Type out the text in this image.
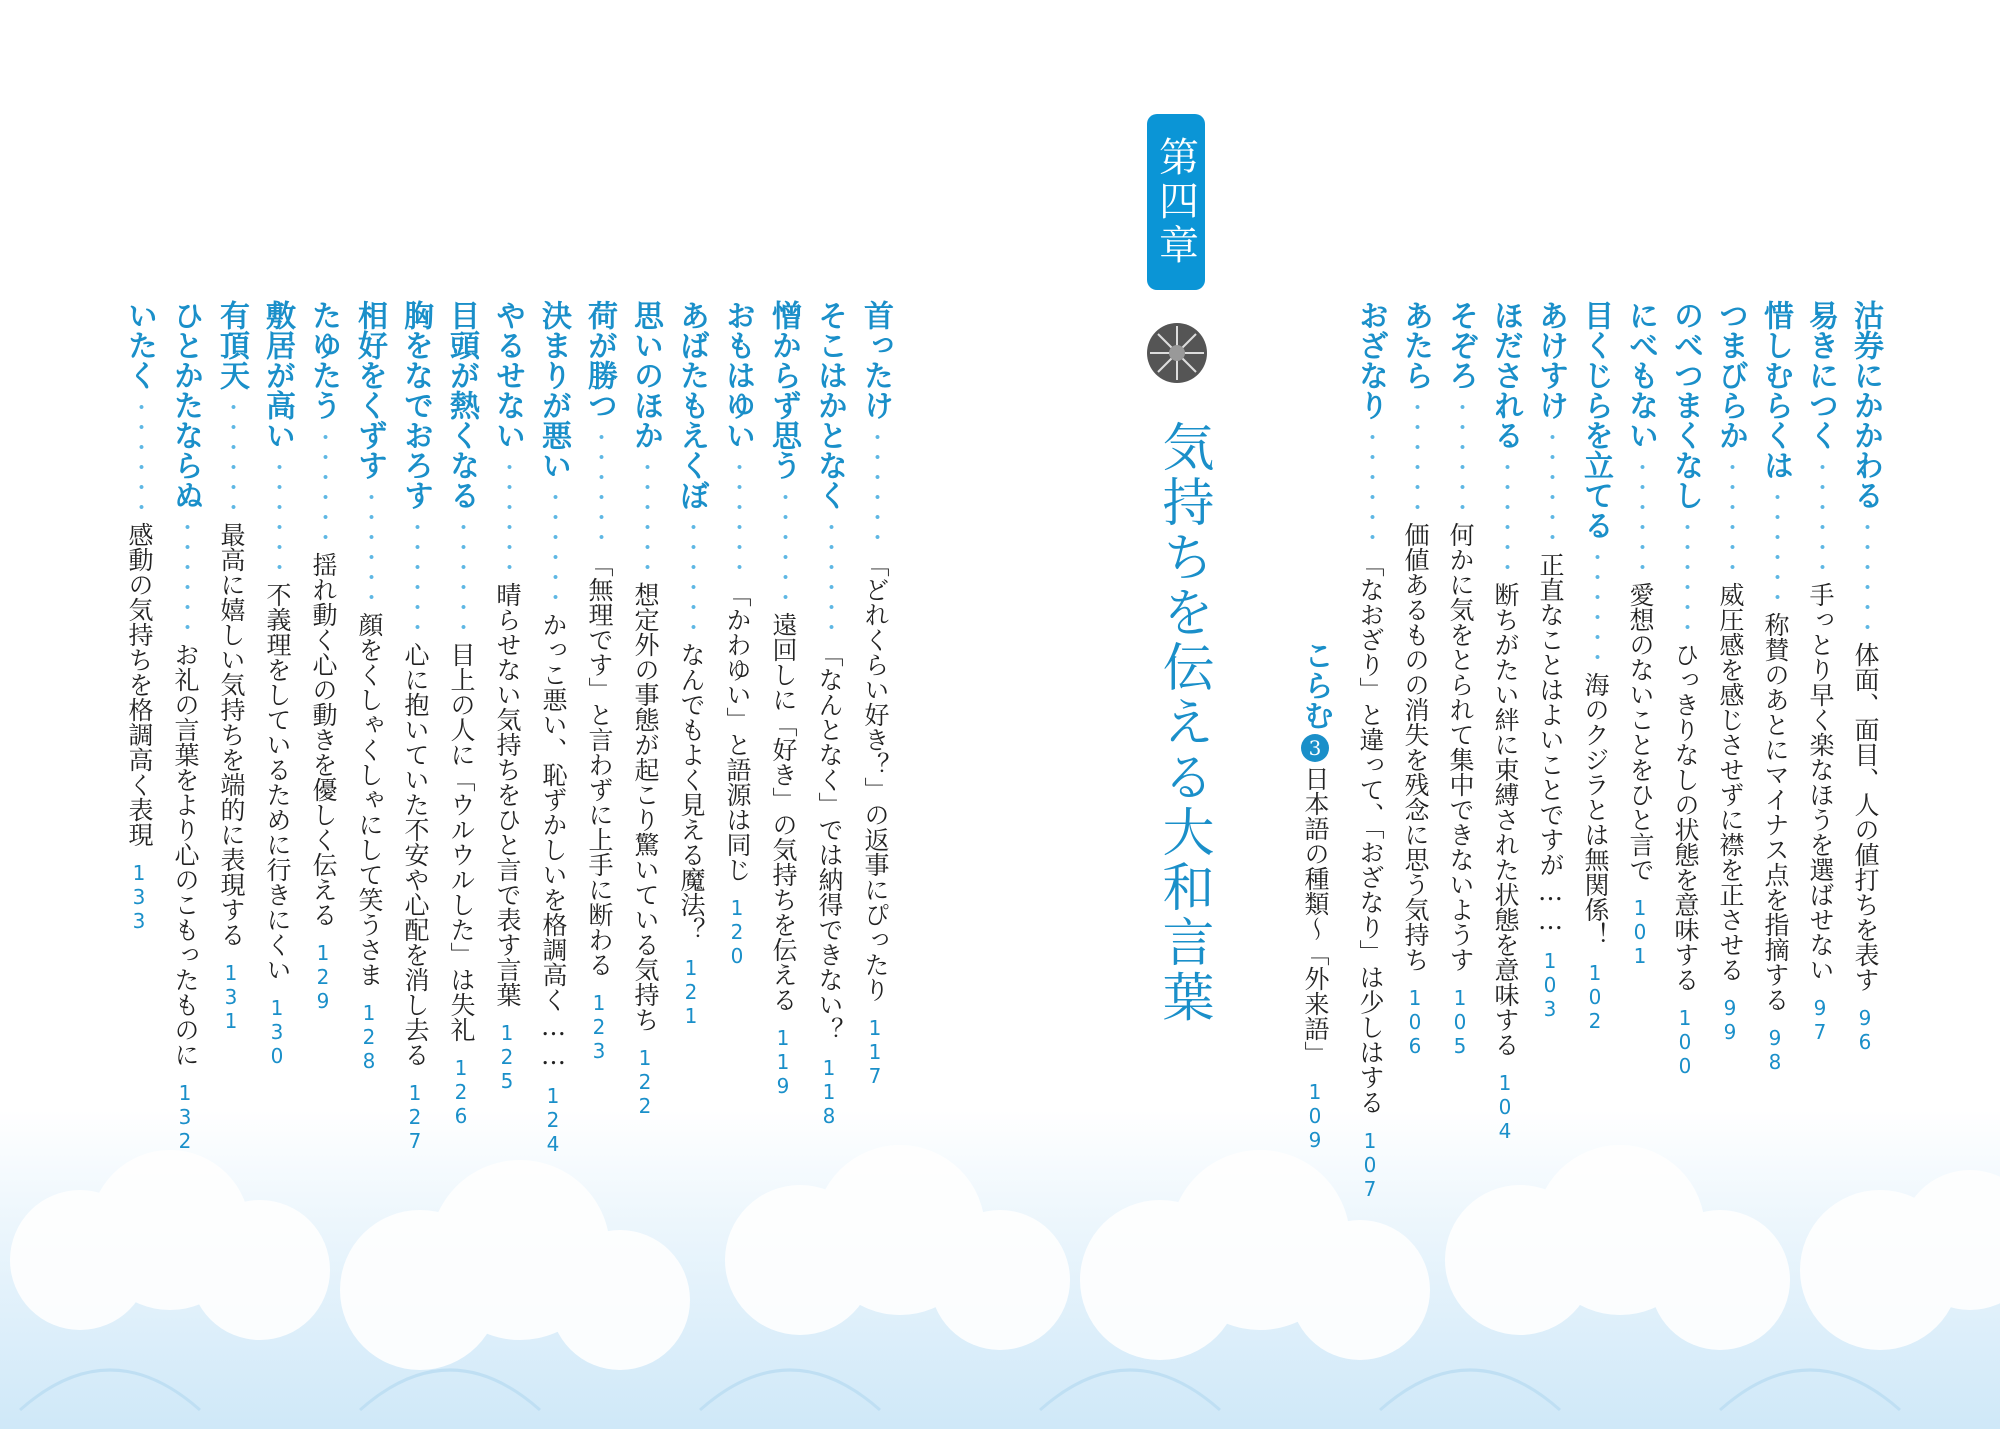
第四章
気持ちを伝える大和言葉
沽券にかかわる・・・・・・体面、面目、人の値打ちを表す96
易きにつく・・・・・・手っとり早く楽なほうを選ばせない97
惜しむらくは・・・・・・称賛のあとにマイナス点を指摘する98
つまびらか・・・・・・威圧感を感じさせずに襟を正させる99
のべつまくなし・・・・・・ひっきりなしの状態を意味する100
にべもない・・・・・・愛想のないことをひと言で101
目くじらを立てる・・・・・・海のクジラとは無関係！102
あけすけ・・・・・・正直なことはよいことですが……103
ほだされる・・・・・・断ちがたい絆に束縛された状態を意味する104
そぞろ・・・・・・何かに気をとられて集中できないようす105
あたら・・・・・・価値あるものの消失を残念に思う気持ち106
おざなり・・・・・・「なおざり」と違って、「おざなり」は少しはする107
こらむ3日本語の種類〜「外来語」109
首ったけ・・・・・・「どれくらい好き？」の返事にぴったり117
そこはかとなく・・・・・・「なんとなく」では納得できない？118
憎からず思う・・・・・・遠回しに「好き」の気持ちを伝える119
おもはゆい・・・・・・「かわゆい」と語源は同じ120
あばたもえくぼ・・・・・・なんでもよく見える魔法？121
思いのほか・・・・・・想定外の事態が起こり驚いている気持ち122
荷が勝つ・・・・・・「無理です」と言わずに上手に断わる123
決まりが悪い・・・・・・かっこ悪い、恥ずかしいを格調高く……124
やるせない・・・・・・晴らせない気持ちをひと言で表す言葉125
目頭が熱くなる・・・・・・目上の人に「ウルウルした」は失礼126
胸をなでおろす・・・・・・心に抱いていた不安や心配を消し去る127
相好をくずす・・・・・・顔をくしゃくしゃにして笑うさま128
たゆたう・・・・・・揺れ動く心の動きを優しく伝える129
敷居が高い・・・・・・不義理をしているために行きにくい130
有頂天・・・・・・最高に嬉しい気持ちを端的に表現する131
ひとかたならぬ・・・・・・お礼の言葉をより心のこもったものに132
いたく・・・・・・感動の気持ちを格調高く表現133
